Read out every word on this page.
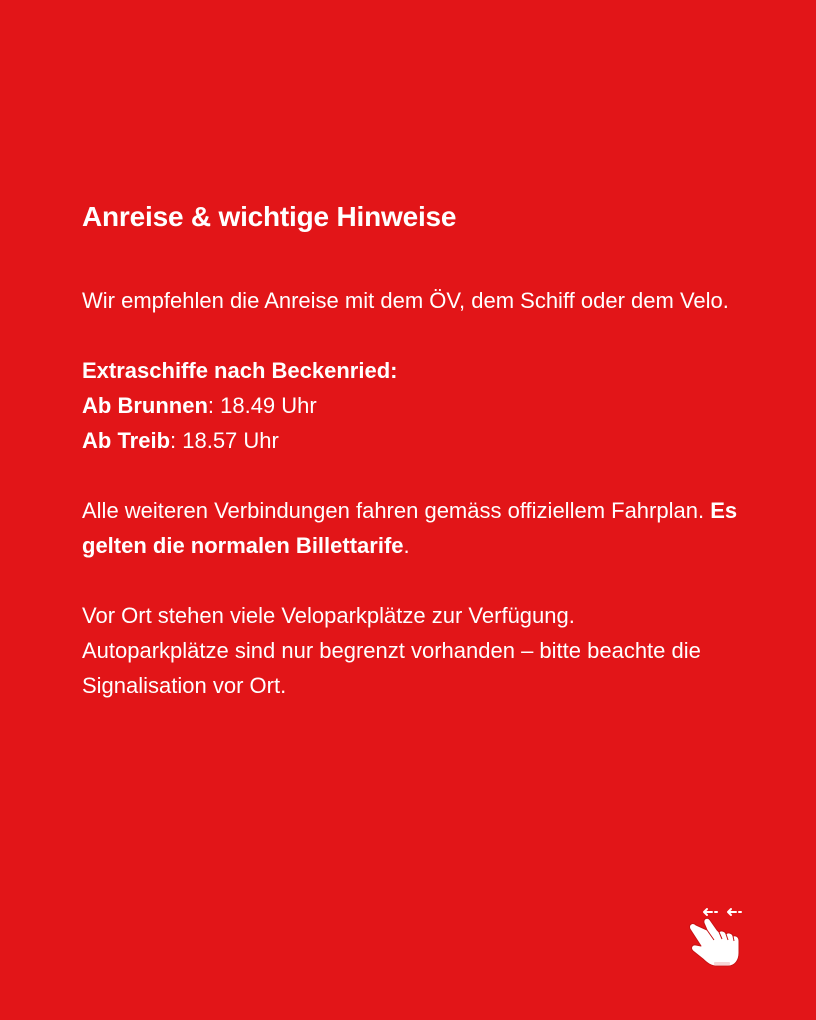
Anreise & wichtige Hinweise

Wir empfehlen die Anreise mit dem ÖV, dem Schiff oder dem Velo.

Extraschiffe nach Beckenried:
Ab Brunnen: 18.49 Uhr
Ab Treib: 18.57 Uhr

Alle weiteren Verbindungen fahren gemäss offiziellem Fahrplan. Es gelten die normalen Billettarife.

Vor Ort stehen viele Veloparkplätze zur Verfügung.
Autoparkplätze sind nur begrenzt vorhanden – bitte beachte die Signalisation vor Ort.
